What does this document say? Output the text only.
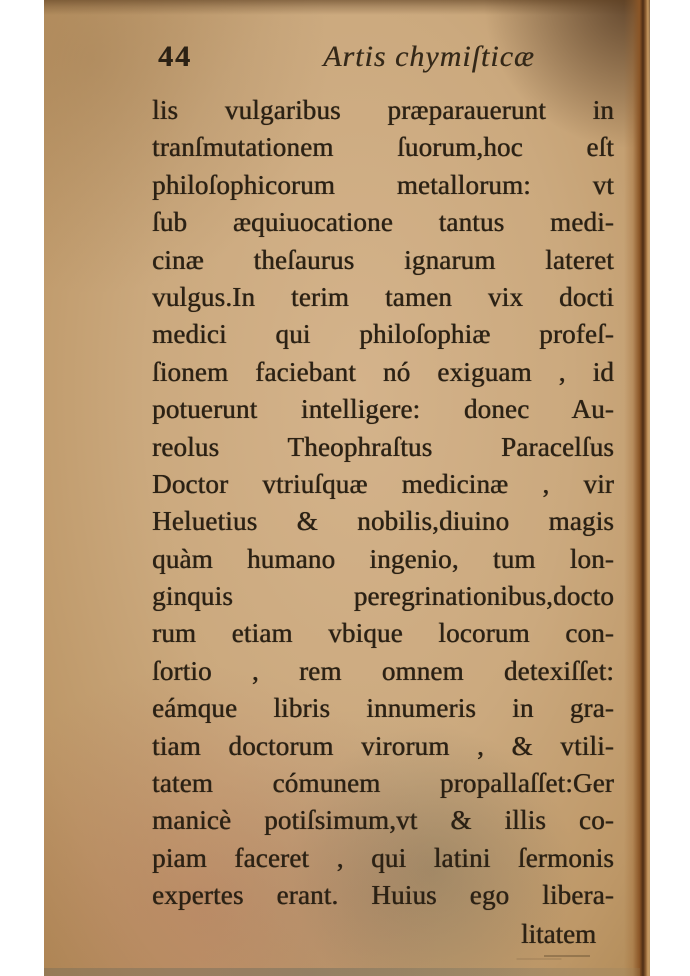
44	Artis chymiſticæ
lis vulgaribus præparauerunt in
tranſmutationem ſuorum,hoc eſt
philoſophicorum metallorum: vt
ſub æquiuocatione tantus medi-
cinæ theſaurus ignarum lateret
vulgus.In terim tamen vix docti
medici qui philoſophiæ profeſ-
ſionem faciebant nó exiguam , id
potuerunt intelligere: donec Au-
reolus Theophraſtus Paracelſus
Doctor vtriuſquæ medicinæ , vir
Heluetius & nobilis,diuino magis
quàm humano ingenio, tum lon-
ginquis peregrinationibus,docto
rum etiam vbique locorum con-
ſortio , rem omnem detexiſſet:
eámque libris innumeris in gra-
tiam doctorum virorum , & vtili-
tatem cómunem propallaſſet:Ger
manicè potiſsimum,vt & illis co-
piam faceret , qui latini ſermonis
expertes erant. Huius ego libera-
litatem
